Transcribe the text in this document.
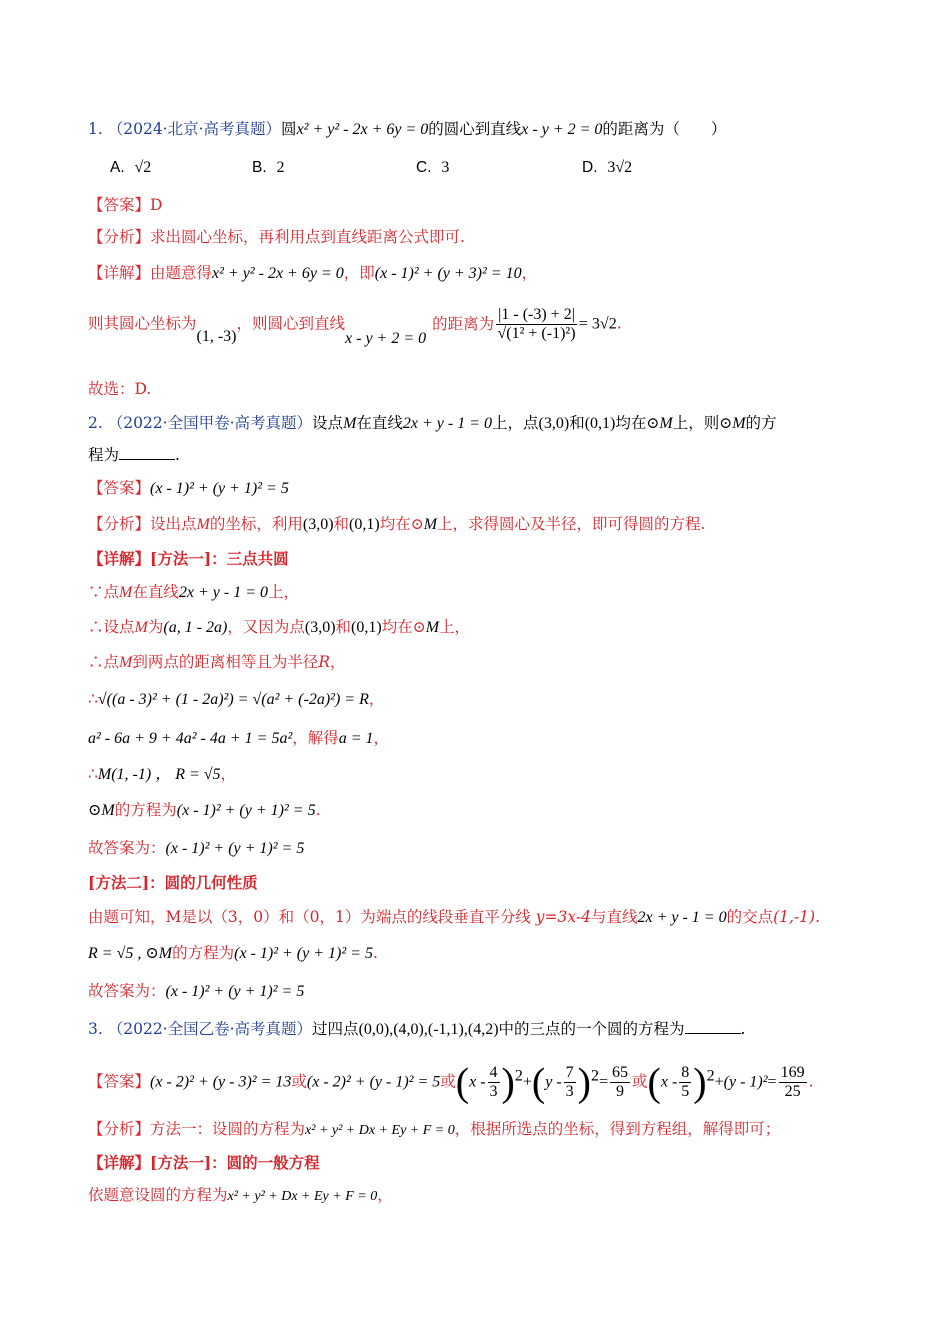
1. （2024·北京·高考真题）圆x² + y² - 2x + 6y = 0的圆心到直线x - y + 2 = 0的距离为（　　）
A. √2	B. 2	C. 3	D. 3√2
【答案】D
【分析】求出圆心坐标，再利用点到直线距离公式即可.
【详解】由题意得x² + y² - 2x + 6y = 0，即(x - 1)² + (y + 3)² = 10，
则其圆心坐标为(1, -3)，则圆心到直线x - y + 2 = 0的距离为 $\frac{|1 - (-3) + 2|}{\text{√(1² + (-1)²)}} = 3√2$.
故选：D.
2. （2022·全国甲卷·高考真题）设点M在直线2x + y - 1 = 0上，点(3,0)和(0,1)均在⊙M上，则⊙M的方
程为	.
【答案】(x - 1)² + (y + 1)² = 5
【分析】设出点M的坐标，利用(3,0)和(0,1)均在⊙M上，求得圆心及半径，即可得圆的方程.
【详解】[方法一]：三点共圆
∵点M在直线2x + y - 1 = 0上，
∴设点M为(a, 1 - 2a)，又因为点(3,0)和(0,1)均在⊙M上，
∴点M到两点的距离相等且为半径R，
∴√((a - 3)² + (1 - 2a)²) = √(a² + (-2a)²) = R，
a² - 6a + 9 + 4a² - 4a + 1 = 5a²，解得a = 1，
∴M(1, -1) ， R = √5，
⊙M的方程为(x - 1)² + (y + 1)² = 5.
故答案为：(x - 1)² + (y + 1)² = 5
[方法二]：圆的几何性质
由题可知，M是以（3，0）和（0，1）为端点的线段垂直平分线 y=3x-4与直线2x + y - 1 = 0的交点(1,-1).
R = √5 , ⊙M的方程为(x - 1)² + (y + 1)² = 5.
故答案为：(x - 1)² + (y + 1)² = 5
3. （2022·全国乙卷·高考真题）过四点(0,0),(4,0),(-1,1),(4,2)中的三点的一个圆的方程为	.
【答案】(x - 2)² + (y - 3)² = 13或(x - 2)² + (y - 1)² = 5或$(x - \frac{4}{3} )^2+(y - \frac{7}{3} )^2= \frac{65}{9}$ 或$(x - \frac{8}{5} )^2+(y - 1)^2= \frac{169}{25}$ .
【分析】方法一：设圆的方程为x² + y² + Dx + Ey + F = 0，根据所选点的坐标，得到方程组，解得即可；
【详解】[方法一]：圆的一般方程
依题意设圆的方程为x² + y² + Dx + Ey + F = 0，
